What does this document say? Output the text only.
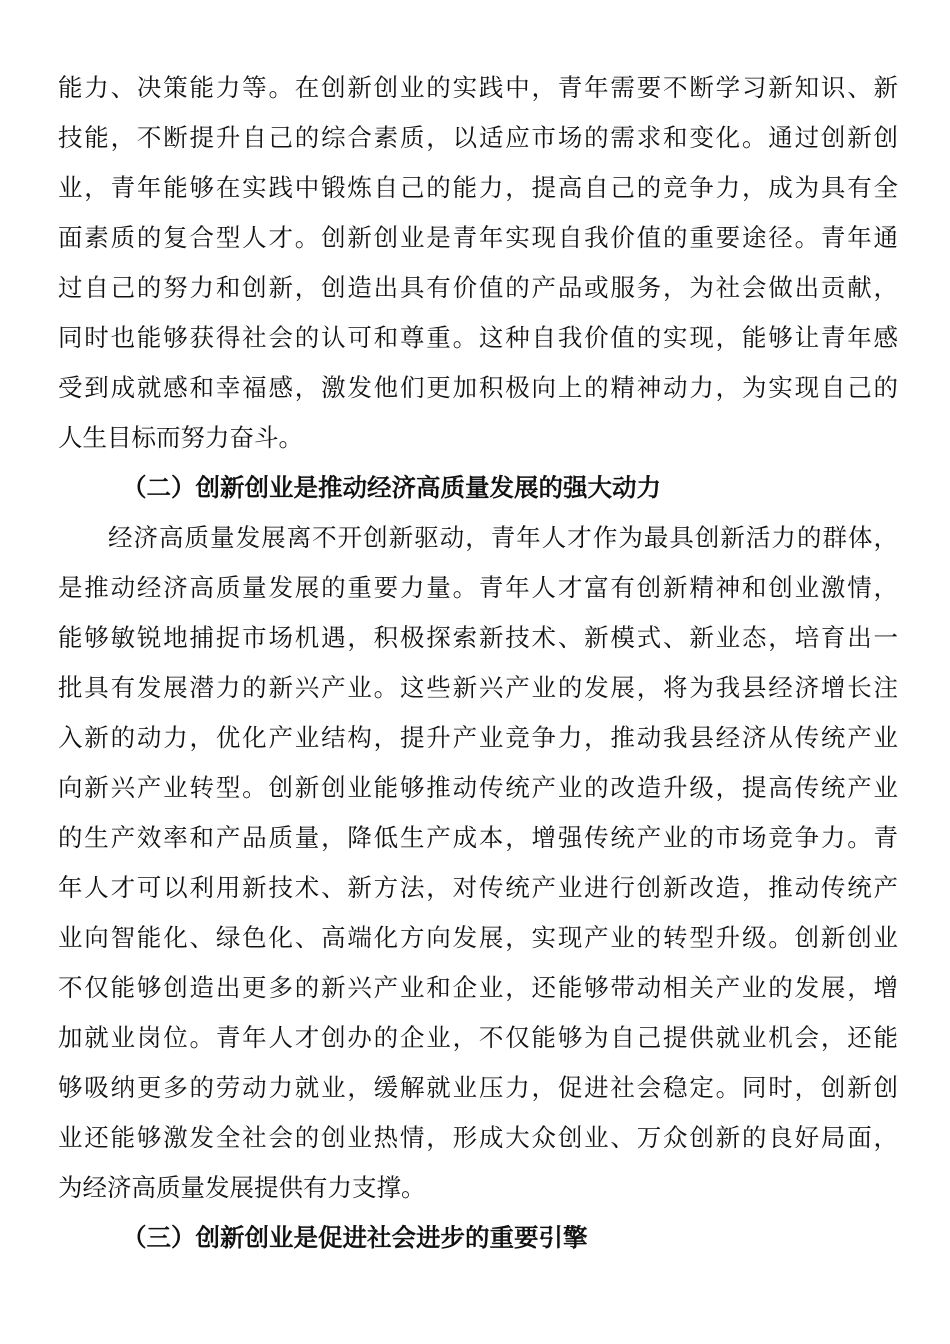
能力、决策能力等。在创新创业的实践中，青年需要不断学习新知识、新
技能，不断提升自己的综合素质，以适应市场的需求和变化。通过创新创
业，青年能够在实践中锻炼自己的能力，提高自己的竞争力，成为具有全
面素质的复合型人才。创新创业是青年实现自我价值的重要途径。青年通
过自己的努力和创新，创造出具有价值的产品或服务，为社会做出贡献，
同时也能够获得社会的认可和尊重。这种自我价值的实现，能够让青年感
受到成就感和幸福感，激发他们更加积极向上的精神动力，为实现自己的
人生目标而努力奋斗。
（二）创新创业是推动经济高质量发展的强大动力
经济高质量发展离不开创新驱动，青年人才作为最具创新活力的群体，
是推动经济高质量发展的重要力量。青年人才富有创新精神和创业激情，
能够敏锐地捕捉市场机遇，积极探索新技术、新模式、新业态，培育出一
批具有发展潜力的新兴产业。这些新兴产业的发展，将为我县经济增长注
入新的动力，优化产业结构，提升产业竞争力，推动我县经济从传统产业
向新兴产业转型。创新创业能够推动传统产业的改造升级，提高传统产业
的生产效率和产品质量，降低生产成本，增强传统产业的市场竞争力。青
年人才可以利用新技术、新方法，对传统产业进行创新改造，推动传统产
业向智能化、绿色化、高端化方向发展，实现产业的转型升级。创新创业
不仅能够创造出更多的新兴产业和企业，还能够带动相关产业的发展，增
加就业岗位。青年人才创办的企业，不仅能够为自己提供就业机会，还能
够吸纳更多的劳动力就业，缓解就业压力，促进社会稳定。同时，创新创
业还能够激发全社会的创业热情，形成大众创业、万众创新的良好局面，
为经济高质量发展提供有力支撑。
（三）创新创业是促进社会进步的重要引擎
